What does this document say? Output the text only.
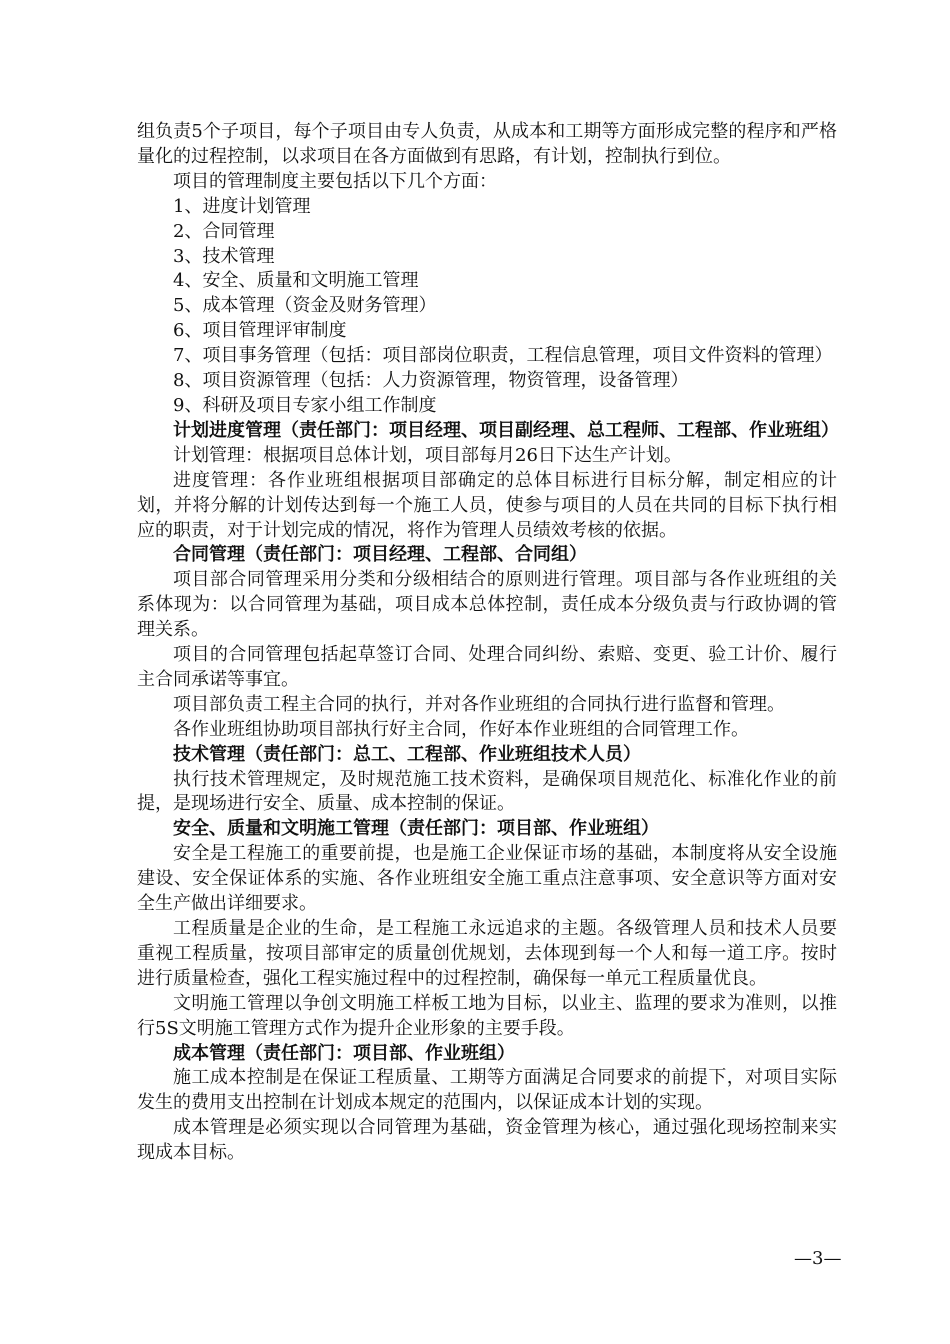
组负责5个子项目，每个子项目由专人负责，从成本和工期等方面形成完整的程序和严格量化的过程控制，以求项目在各方面做到有思路，有计划，控制执行到位。

项目的管理制度主要包括以下几个方面：

1、进度计划管理

2、合同管理

3、技术管理

4、安全、质量和文明施工管理

5、成本管理（资金及财务管理）

6、项目管理评审制度

7、项目事务管理（包括：项目部岗位职责，工程信息管理，项目文件资料的管理）

8、项目资源管理（包括：人力资源管理，物资管理，设备管理）

9、科研及项目专家小组工作制度

计划进度管理（责任部门：项目经理、项目副经理、总工程师、工程部、作业班组）

计划管理：根据项目总体计划，项目部每月26日下达生产计划。

进度管理：各作业班组根据项目部确定的总体目标进行目标分解，制定相应的计划，并将分解的计划传达到每一个施工人员，使参与项目的人员在共同的目标下执行相应的职责，对于计划完成的情况，将作为管理人员绩效考核的依据。

合同管理（责任部门：项目经理、工程部、合同组）

项目部合同管理采用分类和分级相结合的原则进行管理。项目部与各作业班组的关系体现为：以合同管理为基础，项目成本总体控制，责任成本分级负责与行政协调的管理关系。

项目的合同管理包括起草签订合同、处理合同纠纷、索赔、变更、验工计价、履行主合同承诺等事宜。

项目部负责工程主合同的执行，并对各作业班组的合同执行进行监督和管理。

各作业班组协助项目部执行好主合同，作好本作业班组的合同管理工作。

技术管理（责任部门：总工、工程部、作业班组技术人员）

执行技术管理规定，及时规范施工技术资料，是确保项目规范化、标准化作业的前提，是现场进行安全、质量、成本控制的保证。

安全、质量和文明施工管理（责任部门：项目部、作业班组）

安全是工程施工的重要前提，也是施工企业保证市场的基础，本制度将从安全设施建设、安全保证体系的实施、各作业班组安全施工重点注意事项、安全意识等方面对安全生产做出详细要求。

工程质量是企业的生命，是工程施工永远追求的主题。各级管理人员和技术人员要重视工程质量，按项目部审定的质量创优规划，去体现到每一个人和每一道工序。按时进行质量检查，强化工程实施过程中的过程控制，确保每一单元工程质量优良。

文明施工管理以争创文明施工样板工地为目标，以业主、监理的要求为准则，以推行5S文明施工管理方式作为提升企业形象的主要手段。

成本管理（责任部门：项目部、作业班组）

施工成本控制是在保证工程质量、工期等方面满足合同要求的前提下，对项目实际发生的费用支出控制在计划成本规定的范围内，以保证成本计划的实现。

成本管理是必须实现以合同管理为基础，资金管理为核心，通过强化现场控制来实现成本目标。

—3—
